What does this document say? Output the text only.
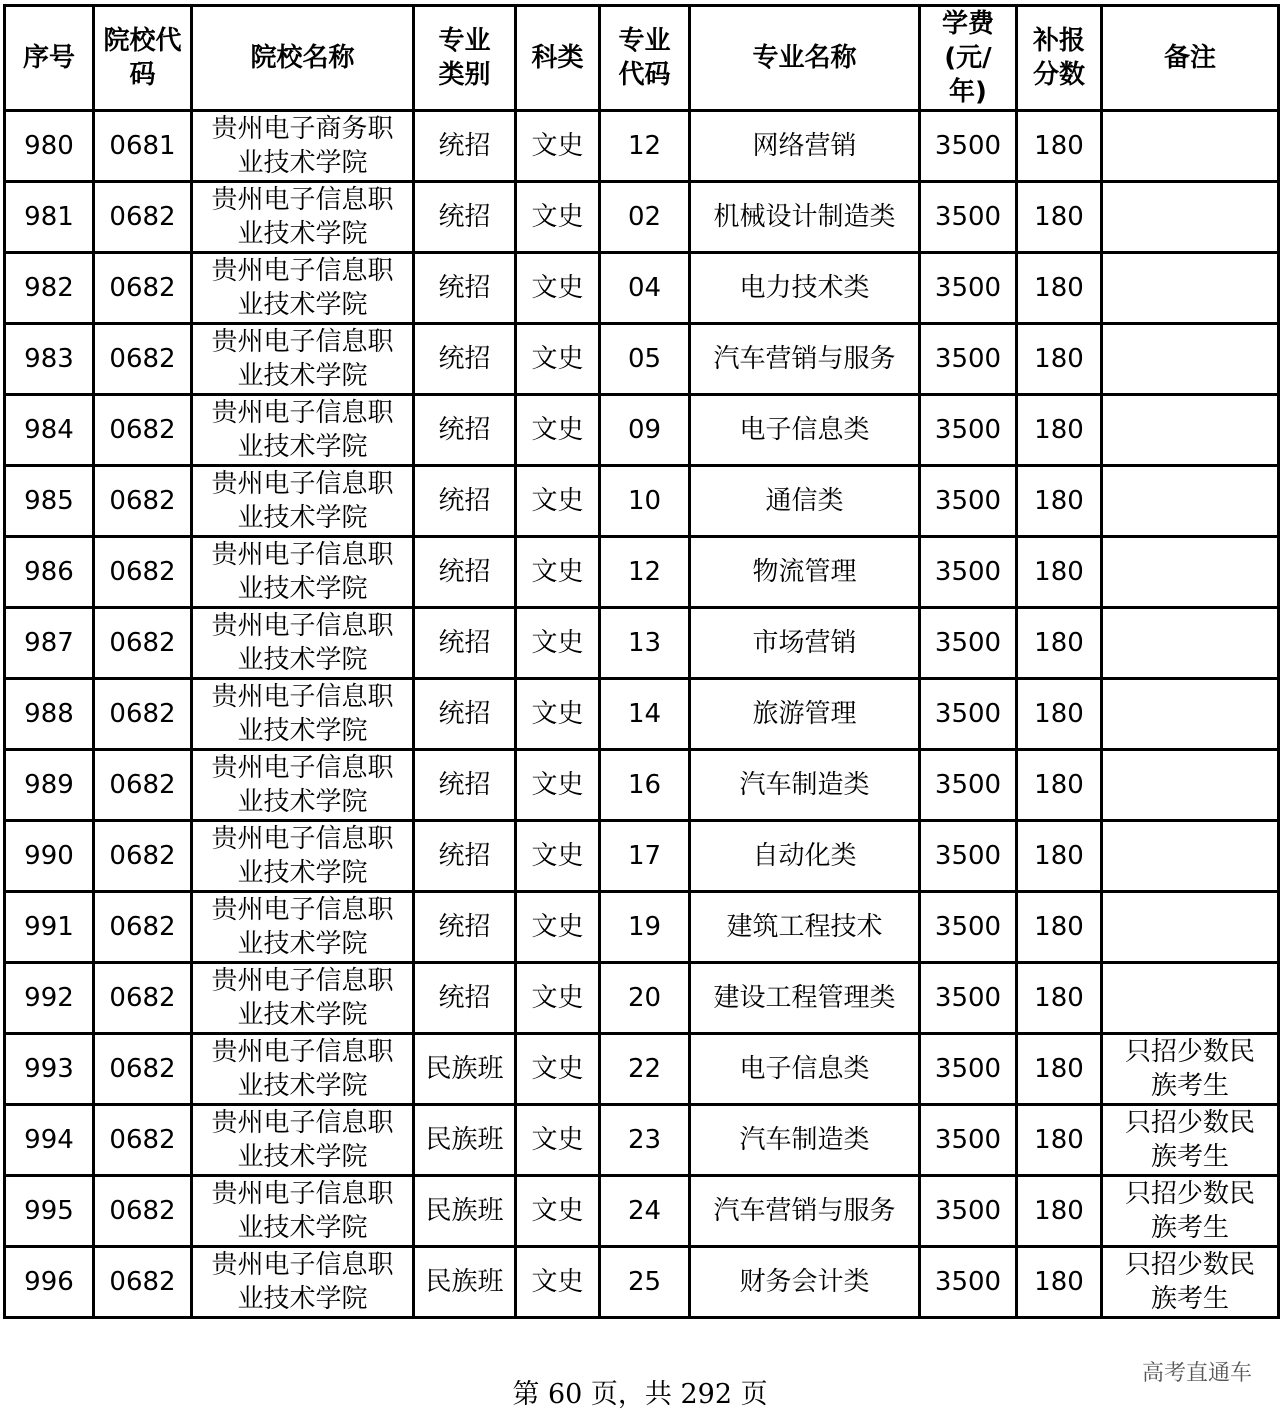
序号	院校代码	院校名称	专业类别	科类	专业代码	专业名称	学费(元/年)	补报分数	备注
980	0681	贵州电子商务职业技术学院	统招	文史	12	网络营销	3500	180	
981	0682	贵州电子信息职业技术学院	统招	文史	02	机械设计制造类	3500	180	
982	0682	贵州电子信息职业技术学院	统招	文史	04	电力技术类	3500	180	
983	0682	贵州电子信息职业技术学院	统招	文史	05	汽车营销与服务	3500	180	
984	0682	贵州电子信息职业技术学院	统招	文史	09	电子信息类	3500	180	
985	0682	贵州电子信息职业技术学院	统招	文史	10	通信类	3500	180	
986	0682	贵州电子信息职业技术学院	统招	文史	12	物流管理	3500	180	
987	0682	贵州电子信息职业技术学院	统招	文史	13	市场营销	3500	180	
988	0682	贵州电子信息职业技术学院	统招	文史	14	旅游管理	3500	180	
989	0682	贵州电子信息职业技术学院	统招	文史	16	汽车制造类	3500	180	
990	0682	贵州电子信息职业技术学院	统招	文史	17	自动化类	3500	180	
991	0682	贵州电子信息职业技术学院	统招	文史	19	建筑工程技术	3500	180	
992	0682	贵州电子信息职业技术学院	统招	文史	20	建设工程管理类	3500	180	
993	0682	贵州电子信息职业技术学院	民族班	文史	22	电子信息类	3500	180	只招少数民族考生
994	0682	贵州电子信息职业技术学院	民族班	文史	23	汽车制造类	3500	180	只招少数民族考生
995	0682	贵州电子信息职业技术学院	民族班	文史	24	汽车营销与服务	3500	180	只招少数民族考生
996	0682	贵州电子信息职业技术学院	民族班	文史	25	财务会计类	3500	180	只招少数民族考生
第 60 页，共 292 页
高考直通车
